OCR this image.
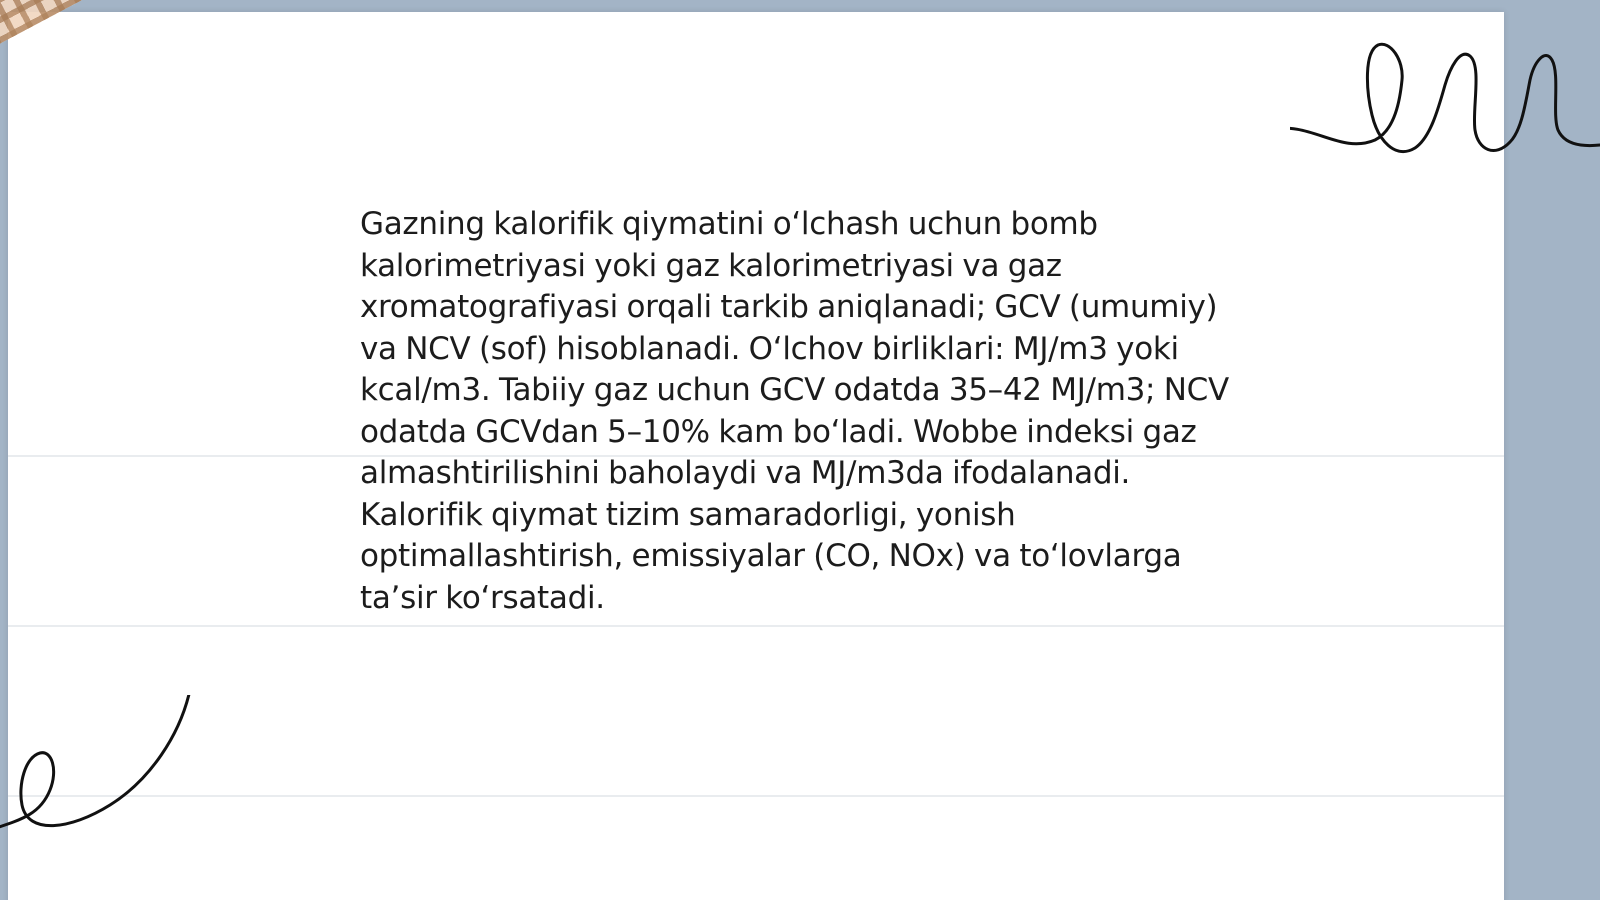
Gazning kalorifik qiymatini o‘lchash uchun bomb kalorimetriyasi yoki gaz kalorimetriyasi va gaz xromatografiyasi orqali tarkib aniqlanadi; GCV (umumiy) va NCV (sof) hisoblanadi. O‘lchov birliklari: MJ/m3 yoki kcal/m3. Tabiiy gaz uchun GCV odatda 35–42 MJ/m3; NCV odatda GCVdan 5–10% kam bo‘ladi. Wobbe indeksi gaz almashtirilishini baholaydi va MJ/m3da ifodalanadi. Kalorifik qiymat tizim samaradorligi, yonish optimallashtirish, emissiyalar (CO, NOx) va to‘lovlarga ta’sir ko‘rsatadi.
